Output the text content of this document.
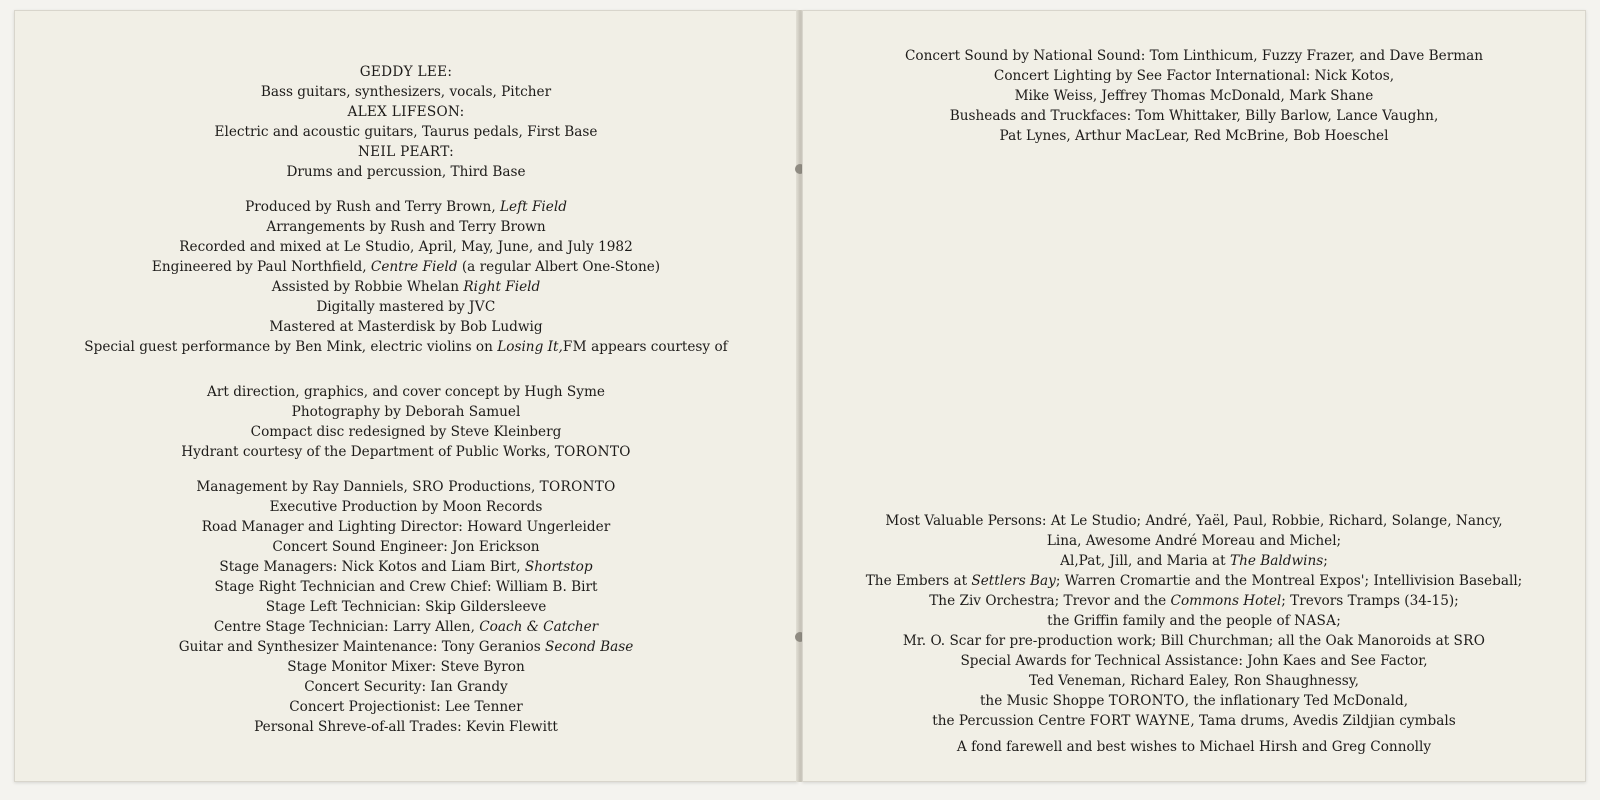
GEDDY LEE:
Bass guitars, synthesizers, vocals, Pitcher
ALEX LIFESON:
Electric and acoustic guitars, Taurus pedals, First Base
NEIL PEART:
Drums and percussion, Third Base
Produced by Rush and Terry Brown, Left Field
Arrangements by Rush and Terry Brown
Recorded and mixed at Le Studio, April, May, June, and July 1982
Engineered by Paul Northfield, Centre Field (a regular Albert One-Stone)
Assisted by Robbie Whelan Right Field
Digitally mastered by JVC
Mastered at Masterdisk by Bob Ludwig
Special guest performance by Ben Mink, electric violins on Losing It,FM appears courtesy of
Art direction, graphics, and cover concept by Hugh Syme
Photography by Deborah Samuel
Compact disc redesigned by Steve Kleinberg
Hydrant courtesy of the Department of Public Works, TORONTO
Management by Ray Danniels, SRO Productions, TORONTO
Executive Production by Moon Records
Road Manager and Lighting Director: Howard Ungerleider
Concert Sound Engineer: Jon Erickson
Stage Managers: Nick Kotos and Liam Birt, Shortstop
Stage Right Technician and Crew Chief: William B. Birt
Stage Left Technician: Skip Gildersleeve
Centre Stage Technician: Larry Allen, Coach & Catcher
Guitar and Synthesizer Maintenance: Tony Geranios Second Base
Stage Monitor Mixer: Steve Byron
Concert Security: Ian Grandy
Concert Projectionist: Lee Tenner
Personal Shreve-of-all Trades: Kevin Flewitt
Concert Sound by National Sound: Tom Linthicum, Fuzzy Frazer, and Dave Berman
Concert Lighting by See Factor International: Nick Kotos,
Mike Weiss, Jeffrey Thomas McDonald, Mark Shane
Busheads and Truckfaces: Tom Whittaker, Billy Barlow, Lance Vaughn,
Pat Lynes, Arthur MacLear, Red McBrine, Bob Hoeschel
Most Valuable Persons: At Le Studio; André, Yaël, Paul, Robbie, Richard, Solange, Nancy,
Lina, Awesome André Moreau and Michel;
Al,Pat, Jill, and Maria at The Baldwins;
The Embers at Settlers Bay; Warren Cromartie and the Montreal Expos'; Intellivision Baseball;
The Ziv Orchestra; Trevor and the Commons Hotel; Trevors Tramps (34-15);
the Griffin family and the people of NASA;
Mr. O. Scar for pre-production work; Bill Churchman; all the Oak Manoroids at SRO
Special Awards for Technical Assistance: John Kaes and See Factor,
Ted Veneman, Richard Ealey, Ron Shaughnessy,
the Music Shoppe TORONTO, the inflationary Ted McDonald,
the Percussion Centre FORT WAYNE, Tama drums, Avedis Zildjian cymbals
A fond farewell and best wishes to Michael Hirsh and Greg Connolly
